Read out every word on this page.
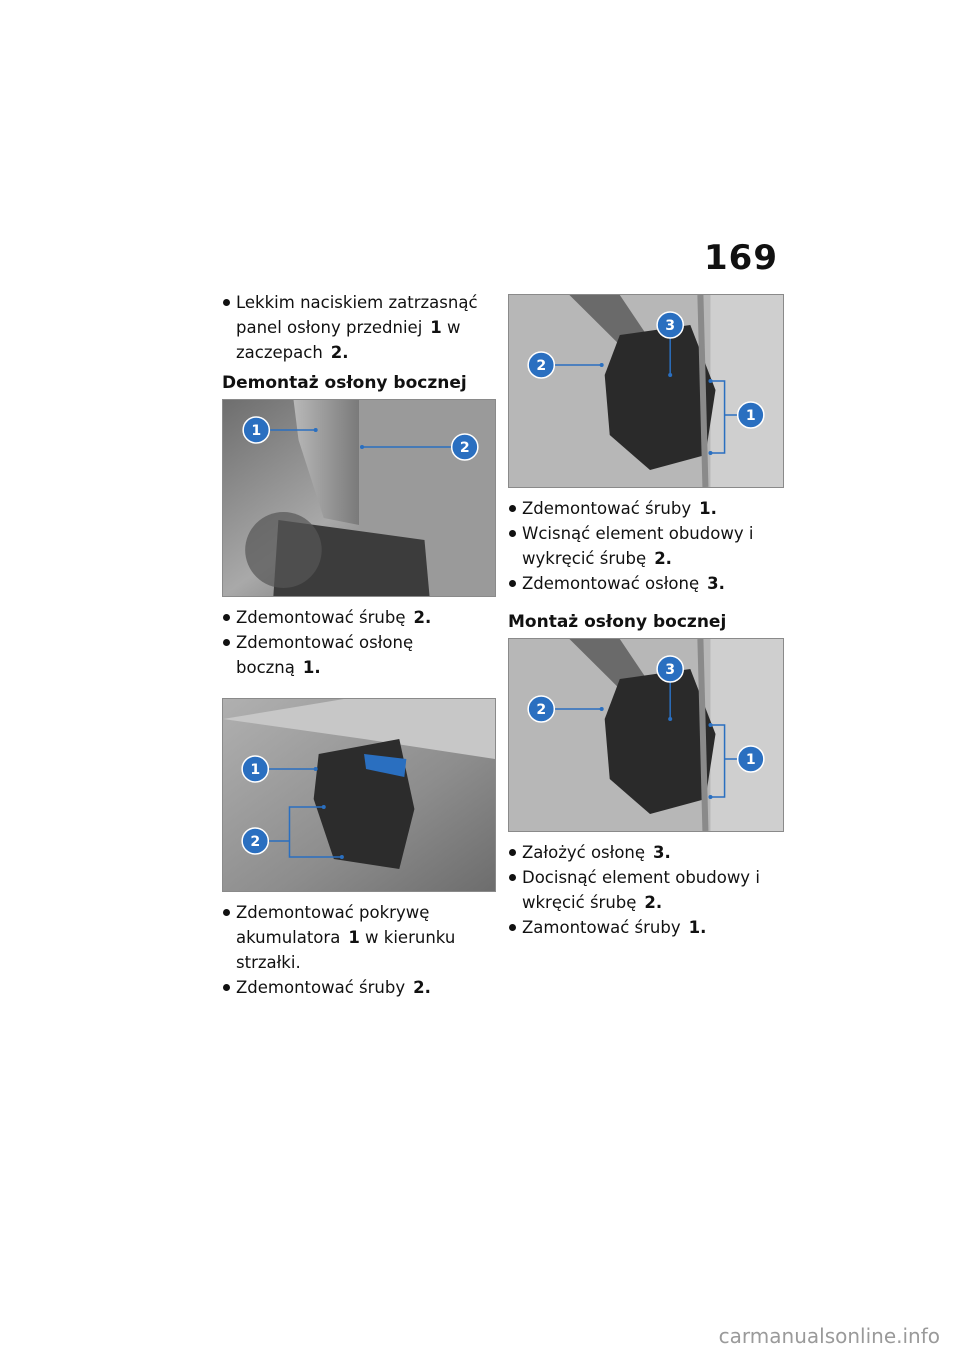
169

Lekkim naciskiem zatrzasnąć panel osłony przedniej 1 w zaczepach 2.

Demontaż osłony bocznej
1
2

Zdemontować śrubę 2.

Zdemontować osłonę boczną 1.

1
2

Zdemontować pokrywę akumulatora 1 w kierunku strzałki.

Zdemontować śruby 2.

2
3
1

Zdemontować śruby 1.

Wcisnąć element obudowy i wykręcić śrubę 2.

Zdemontować osłonę 3.

Montaż osłony bocznej
2
3
1

Założyć osłonę 3.

Docisnąć element obudowy i wkręcić śrubę 2.

Zamontować śruby 1.

carmanualsonline.info
